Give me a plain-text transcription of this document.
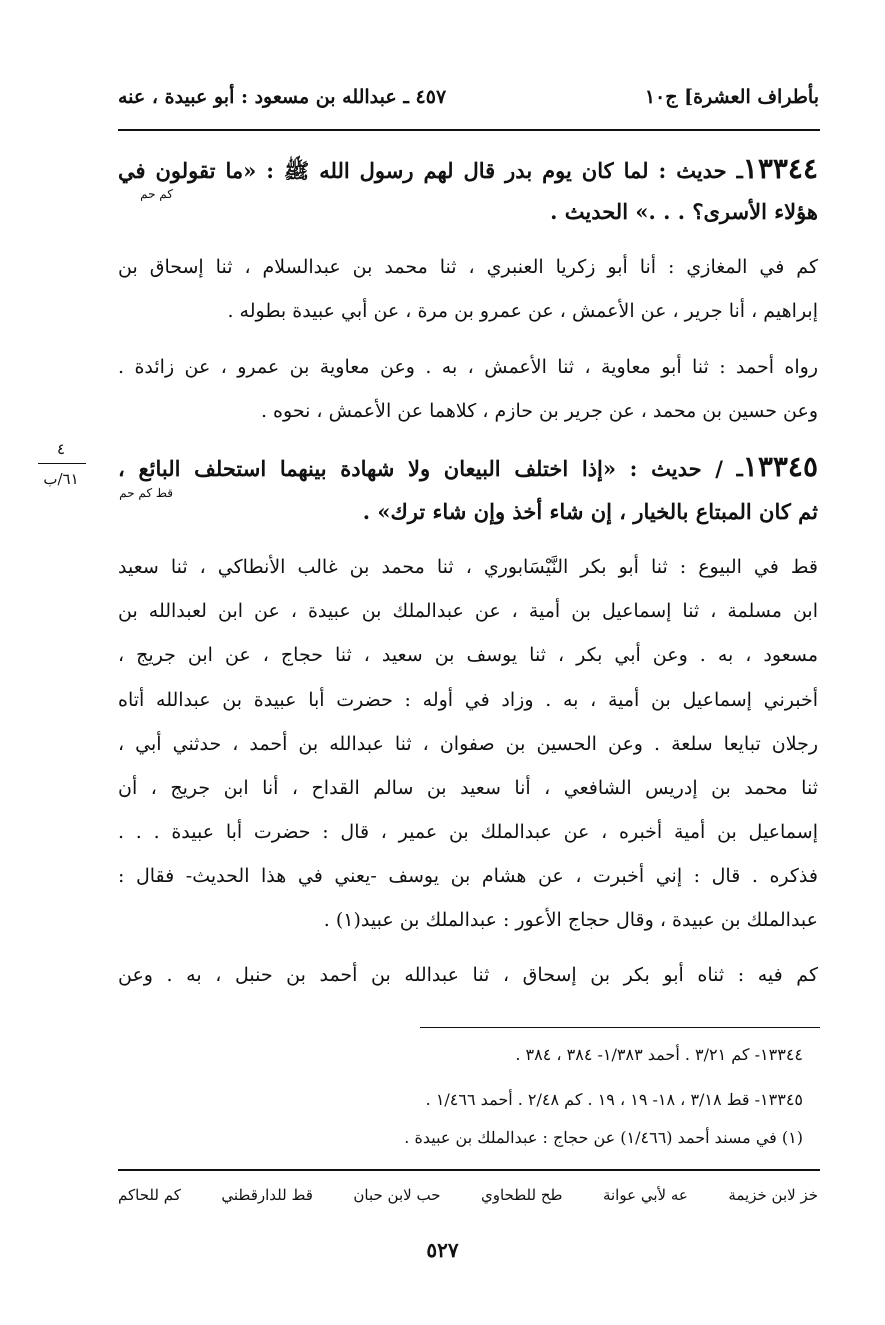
بأطراف العشرة] ج١٠
٤٥٧ ـ عبدالله بن مسعود : أبو عبيدة ، عنه
١٣٣٤٤ـ حديث : لما كان يوم بدر قال لهم رسول الله ﷺ : «ما تقولون في
كم حم
هؤلاء الأسرى؟ . . .» الحديث .
كم في المغازي : أنا أبو زكريا العنبري ، ثنا محمد بن عبدالسلام ، ثنا إسحاق بن
إبراهيم ، أنا جرير ، عن الأعمش ، عن عمرو بن مرة ، عن أبي عبيدة بطوله .
رواه أحمد : ثنا أبو معاوية ، ثنا الأعمش ، به . وعن معاوية بن عمرو ، عن زائدة .
وعن حسين بن محمد ، عن جرير بن حازم ، كلاهما عن الأعمش ، نحوه .
٤
٦١/ب	١٣٣٤٥ـ / حديث : «إذا اختلف البيعان ولا شهادة بينهما استحلف البائع ،
قط كم حم
ثم كان المبتاع بالخيار ، إن شاء أخذ وإن شاء ترك» .
قط في البيوع : ثنا أبو بكر النَّيْسَابوري ، ثنا محمد بن غالب الأنطاكي ، ثنا سعيد
ابن مسلمة ، ثنا إسماعيل بن أمية ، عن عبدالملك بن عبيدة ، عن ابن لعبدالله بن
مسعود ، به . وعن أبي بكر ، ثنا يوسف بن سعيد ، ثنا حجاج ، عن ابن جريج ،
أخبرني إسماعيل بن أمية ، به . وزاد في أوله : حضرت أبا عبيدة بن عبدالله أتاه
رجلان تبايعا سلعة . وعن الحسين بن صفوان ، ثنا عبدالله بن أحمد ، حدثني أبي ،
ثنا محمد بن إدريس الشافعي ، أنا سعيد بن سالم القداح ، أنا ابن جريج ، أن
إسماعيل بن أمية أخبره ، عن عبدالملك بن عمير ، قال : حضرت أبا عبيدة . . .
فذكره . قال : إني أخبرت ، عن هشام بن يوسف -يعني في هذا الحديث- فقال :
عبدالملك بن عبيدة ، وقال حجاج الأعور : عبدالملك بن عبيد(١) .
كم فيه : ثناه أبو بكر بن إسحاق ، ثنا عبدالله بن أحمد بن حنبل ، به . وعن
١٣٣٤٤- كم ٣/٢١ . أحمد ١/٣٨٣- ٣٨٤ ، ٣٨٤ .
١٣٣٤٥- قط ٣/١٨ ، ١٨- ١٩ ، ١٩ . كم ٢/٤٨ . أحمد ١/٤٦٦ .
(١) في مسند أحمد (١/٤٦٦) عن حجاج : عبدالملك بن عبيدة .
خز لابن خزيمة
عه لأبي عوانة
طح للطحاوي
حب لابن حبان
قط للدارقطني
كم للحاكم
٥٢٧
